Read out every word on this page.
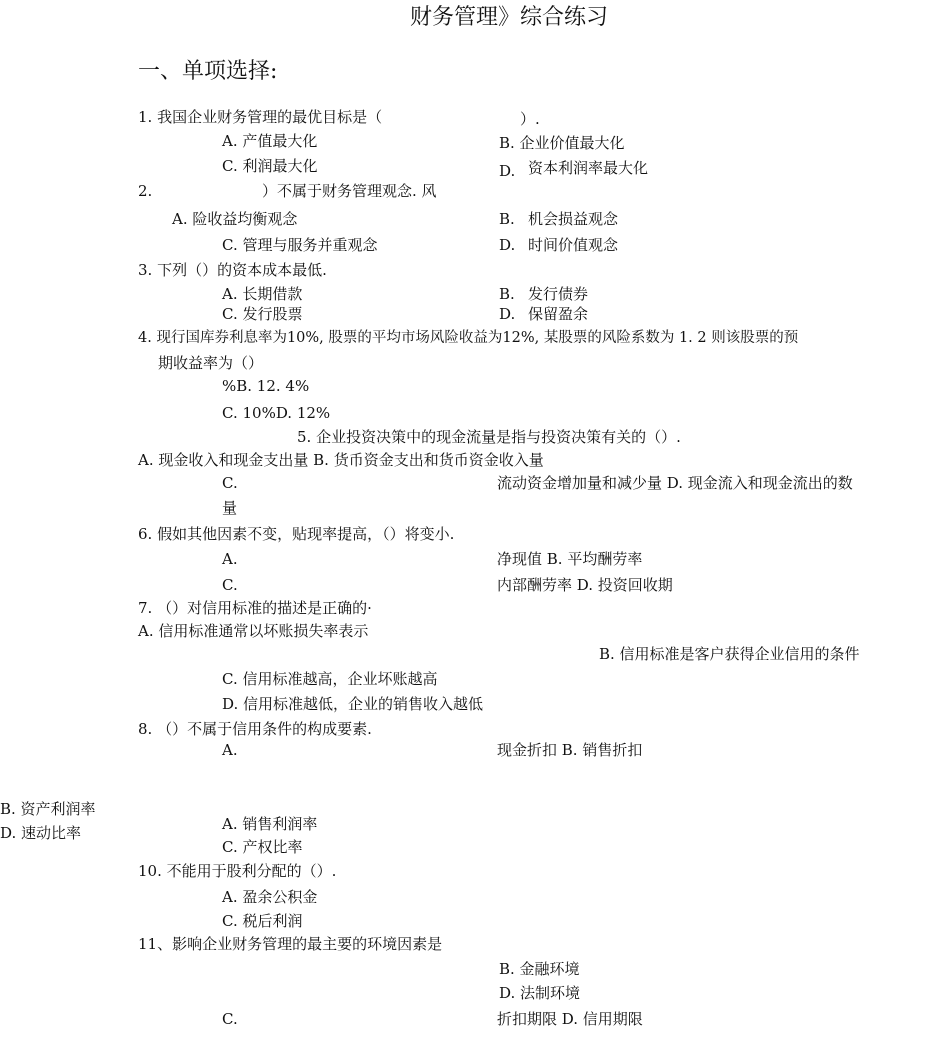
财务管理》综合练习
一、单项选择:
1. 我国企业财务管理的最优目标是（	）.
A. 产值最大化	B. 企业价值最大化
C. 利润最大化	D. 资本利润率最大化
2.	）不属于财务管理观念. 风
A. 险收益均衡观念	B. 机会损益观念
C. 管理与服务并重观念	D. 时间价值观念
3. 下列（）的资本成本最低.
A. 长期借款	B. 发行债券
C. 发行股票	D. 保留盈余
4. 现行国库券利息率为10%, 股票的平均市场风险收益为12%, 某股票的风险系数为 1. 2 则该股票的预
期收益率为（）
%B. 12. 4%
C. 10%D. 12%
5. 企业投资决策中的现金流量是指与投资决策有关的（）.
A. 现金收入和现金支出量 B. 货币资金支出和货币资金收入量
C.	流动资金增加量和减少量 D. 现金流入和现金流出的数
量
6. 假如其他因素不变，贴现率提高，（）将变小.
A.	净现值 B. 平均酬劳率
C.	内部酬劳率 D. 投资回收期
7. （）对信用标准的描述是正确的·
A. 信用标准通常以坏账损失率表示
B. 信用标准是客户获得企业信用的条件
C. 信用标准越高，企业坏账越高
D. 信用标准越低，企业的销售收入越低
8. （）不属于信用条件的构成要素.
A.	现金折扣 B. 销售折扣
B. 资产利润率
D. 速动比率	A. 销售利润率
C. 产权比率
10. 不能用于股利分配的（）.
A. 盈余公积金
C. 税后利润
11、影响企业财务管理的最主要的环境因素是
B. 金融环境
D. 法制环境
C.	折扣期限 D. 信用期限
